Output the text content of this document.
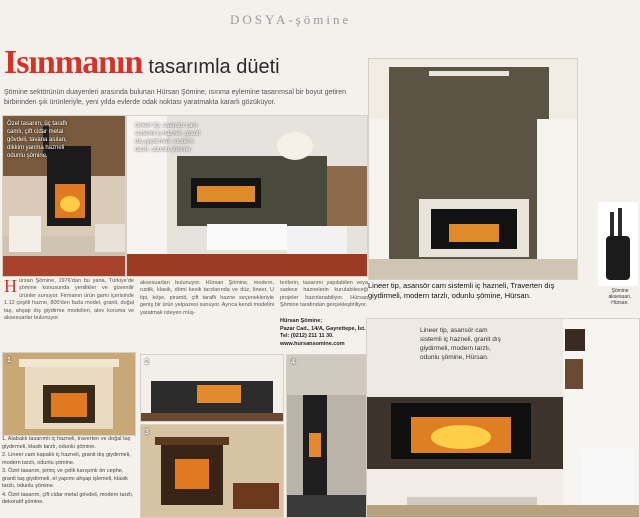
DOSYA-şömine
Isınmanın tasarımla düeti
Şömine sektörünün duayenleri arasında bulunan Hürsan Şömine, ısınma eylemine tasarımsal bir boyut getiren birbirinden şık ürünleriyle, yeni yılda evlerde odak noktası yaratmakta kararlı gözüküyor.
Özel tasarım, üç taraflı camlı, çift cidar metal gövdeli, tavana asılan, dikkim yanma hazneli odunlu şömine.
Lineer tip, asansör cam sistemli iç hazneli, granit dış giydirmeli, modern tarzlı, odunlu şömine.
Hürsan Şömine, 1976'dan bu yana, Türkiye'de şömine konusunda yenilikler ve güvenilir ürünler sunuyor. Firmanın ürün gamı içerisinde 1.12 çeşitli hazne, 800'den fazla model, granit, doğal taş, ahşap dış giydirme modelleri, alev koruma ve aksesuarlar bulunuyor.
aksesuarları bulunuyor. Hürsan Şömine, modern, rustik, klasik, dömi kesik tarzlarında ve düz, lineer, U tipi, köşe, piramit, çift taraflı hazne seçenekleriyle geniş bir ürün yelpazesi sunuyor. Ayrıca kendi modelini yaratmak isteyen müş-
terilerin, tasarımı yapılabilen veya sadece haznelerin kurulabileceği projeler hazırlanabiliyor. Hürsan Şömine tarafından gerçekleştiriliyor.
Hürsan Şömine;
Pazar Cad., 14/A, Gayrettepe, İst.
Tel: (0212) 211 11 30.
www.hursansomine.com
1
1. Alabalık tasarımlı iç hazneli, traverten ve doğal taş giydirmeli, klasik tarzlı, odunlu şömine.
2. Lineer cam kapaklı iç hazneli, granit dış giydirmeli, modern tarzlı, odunlu şömine.
3. Özel tasarım, pirinç ve çelik karışımlı ön cephe, granit taş giydirmeli, el yapımı ahşap işlemeli, klasik tarzlı, odunlu şömine.
4. Özel tasarım, çift cidar metal gövdeli, modern tarzlı, dekoratif şömine.
2
3
4
Lineer tip, asansör cam sistemli iç hazneli, Traverten dış giydirmeli, modern tarzlı, odunlu şömine, Hürsan.	Şömine aksesuarı, Hürsan.
Lineer tip, asansör cam sistemli iç hazneli, granit dış giydirmeli, modern tarzlı, odunlu şömine, Hürsan.
